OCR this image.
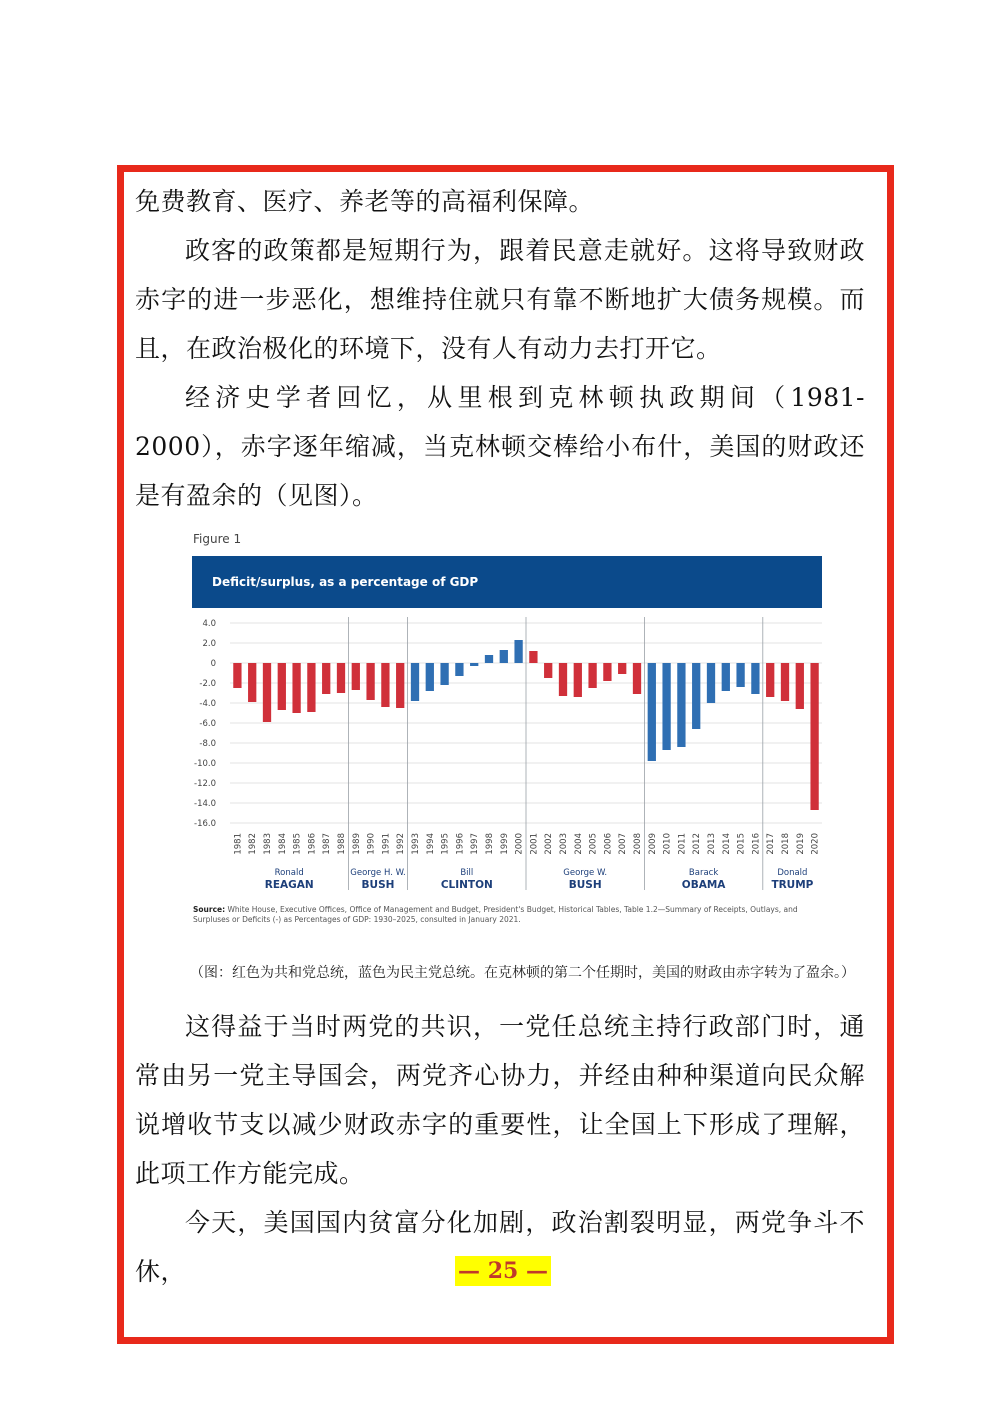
免费教育、医疗、养老等的高福利保障。

政客的政策都是短期行为，跟着民意走就好。这将导致财政赤字的进一步恶化，想维持住就只有靠不断地扩大债务规模。而且，在政治极化的环境下，没有人有动力去打开它。

经济史学者回忆，从里根到克林顿执政期间（1981-2000），赤字逐年缩减，当克林顿交棒给小布什，美国的财政还是有盈余的（见图）。

Figure 1
Deficit/surplus, as a percentage of GDP
4.0
2.0
0
-2.0
-4.0
-6.0
-8.0
-10.0
-12.0
-14.0
-16.0
1981 1982 1983 1984 1985 1986 1987 1988 1989 1990 1991 1992 1993 1994 1995 1996 1997 1998 1999 2000 2001 2002 2003 2004 2005 2006 2007 2008 2009 2010 2011 2012 2013 2014 2015 2016 2017 2018 2019 2020
Ronald
REAGAN
George H. W.
BUSH
Bill
CLINTON
George W.
BUSH
Barack
OBAMA
Donald
TRUMP
Source: White House, Executive Offices, Office of Management and Budget, President's Budget, Historical Tables, Table 1.2—Summary of Receipts, Outlays, and Surpluses or Deficits (-) as Percentages of GDP: 1930–2025, consulted in January 2021.
（图：红色为共和党总统，蓝色为民主党总统。在克林顿的第二个任期时，美国的财政由赤字转为了盈余。）

这得益于当时两党的共识，一党任总统主持行政部门时，通常由另一党主导国会，两党齐心协力，并经由种种渠道向民众解说增收节支以减少财政赤字的重要性，让全国上下形成了理解，此项工作方能完成。

今天，美国国内贫富分化加剧，政治割裂明显，两党争斗不休，	— 25 —
